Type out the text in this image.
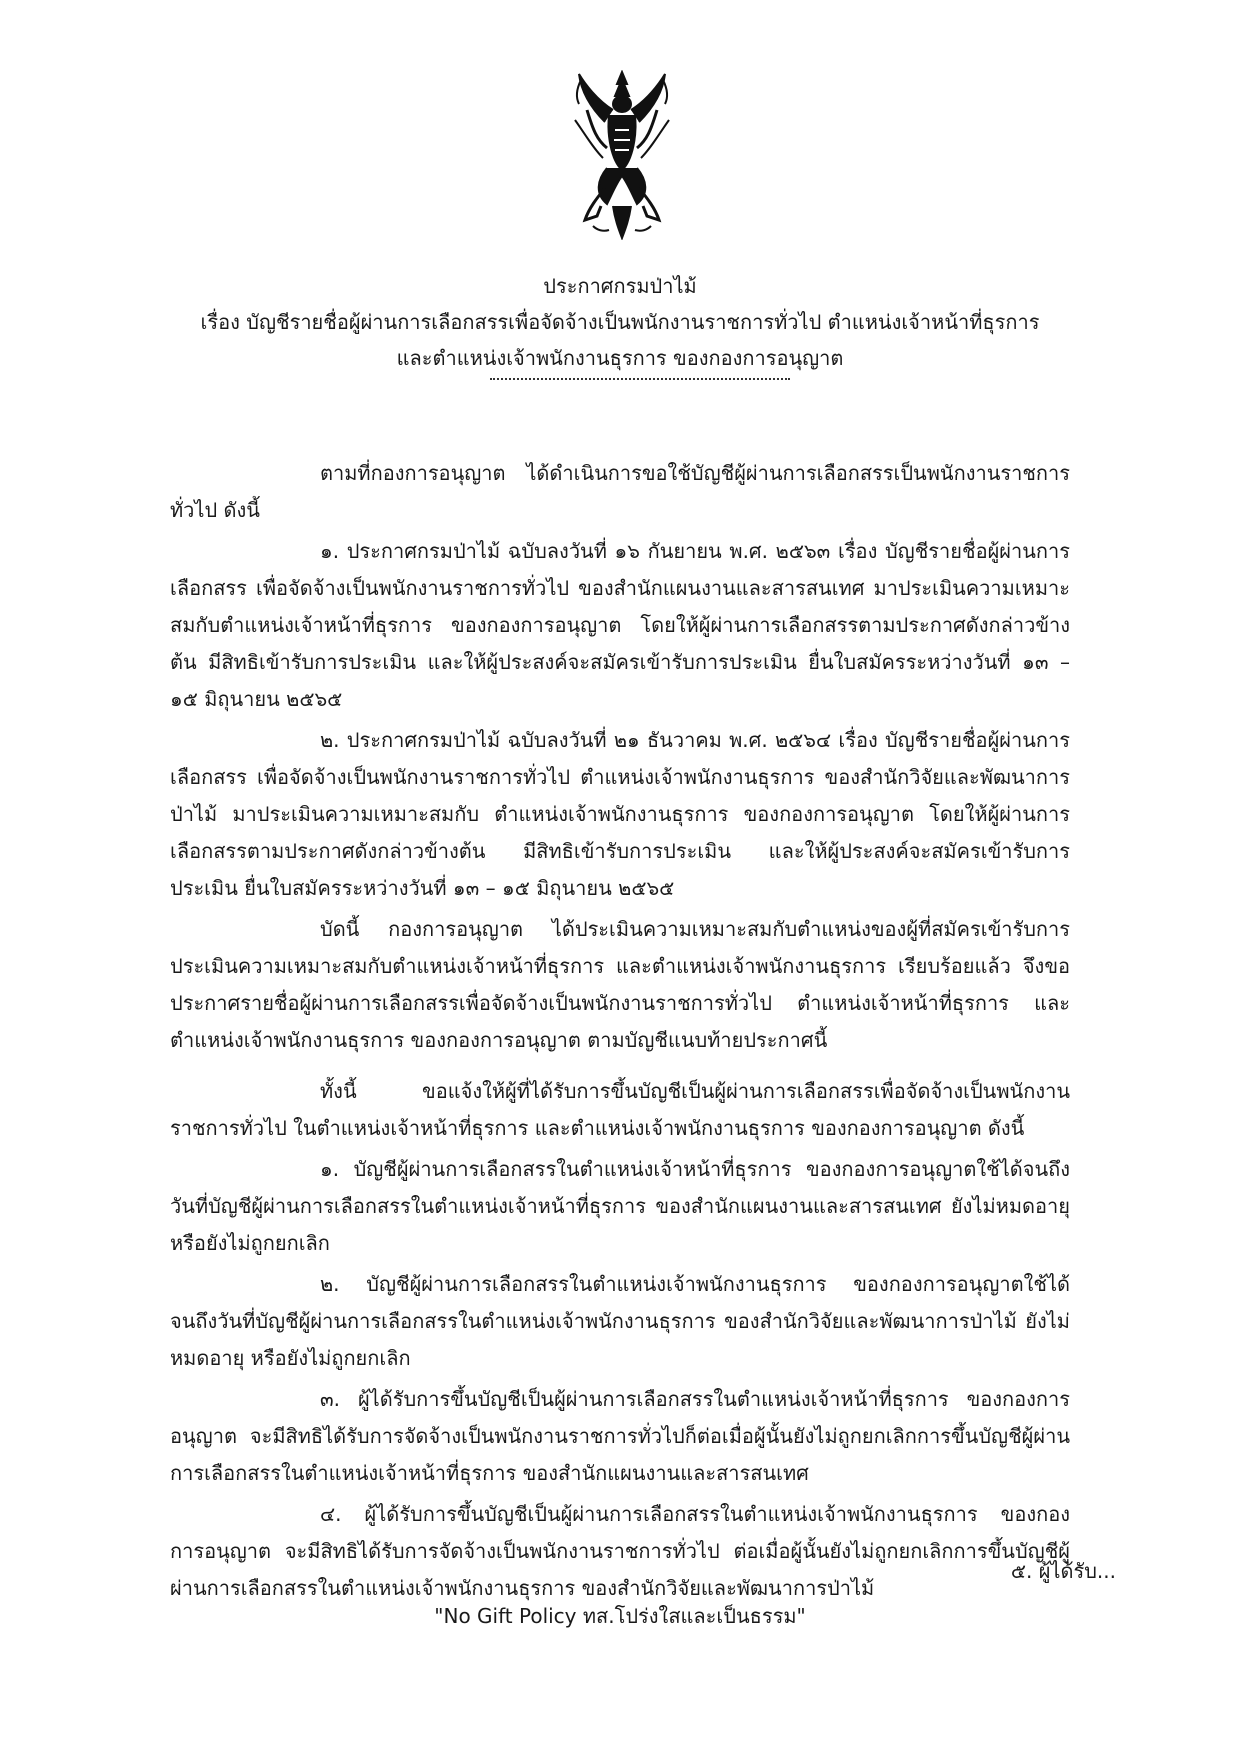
ประกาศกรมป่าไม้
เรื่อง บัญชีรายชื่อผู้ผ่านการเลือกสรรเพื่อจัดจ้างเป็นพนักงานราชการทั่วไป ตำแหน่งเจ้าหน้าที่ธุรการ
และตำแหน่งเจ้าพนักงานธุรการ ของกองการอนุญาต

ตามที่กองการอนุญาต ได้ดำเนินการขอใช้บัญชีผู้ผ่านการเลือกสรรเป็นพนักงานราชการทั่วไป ดังนี้

๑. ประกาศกรมป่าไม้ ฉบับลงวันที่ ๑๖ กันยายน พ.ศ. ๒๕๖๓ เรื่อง บัญชีรายชื่อผู้ผ่านการเลือกสรร เพื่อจัดจ้างเป็นพนักงานราชการทั่วไป ของสำนักแผนงานและสารสนเทศ มาประเมินความเหมาะสมกับตำแหน่งเจ้าหน้าที่ธุรการ ของกองการอนุญาต โดยให้ผู้ผ่านการเลือกสรรตามประกาศดังกล่าวข้างต้น มีสิทธิเข้ารับการประเมิน และให้ผู้ประสงค์จะสมัครเข้ารับการประเมิน ยื่นใบสมัครระหว่างวันที่ ๑๓ – ๑๕ มิถุนายน ๒๕๖๕

๒. ประกาศกรมป่าไม้ ฉบับลงวันที่ ๒๑ ธันวาคม พ.ศ. ๒๕๖๔ เรื่อง บัญชีรายชื่อผู้ผ่านการเลือกสรร เพื่อจัดจ้างเป็นพนักงานราชการทั่วไป ตำแหน่งเจ้าพนักงานธุรการ ของสำนักวิจัยและพัฒนาการป่าไม้ มาประเมินความเหมาะสมกับ ตำแหน่งเจ้าพนักงานธุรการ ของกองการอนุญาต โดยให้ผู้ผ่านการเลือกสรรตามประกาศดังกล่าวข้างต้น มีสิทธิเข้ารับการประเมิน และให้ผู้ประสงค์จะสมัครเข้ารับการประเมิน ยื่นใบสมัครระหว่างวันที่ ๑๓ – ๑๕ มิถุนายน ๒๕๖๕

บัดนี้ กองการอนุญาต ได้ประเมินความเหมาะสมกับตำแหน่งของผู้ที่สมัครเข้ารับการประเมินความเหมาะสมกับตำแหน่งเจ้าหน้าที่ธุรการ และตำแหน่งเจ้าพนักงานธุรการ เรียบร้อยแล้ว จึงขอประกาศรายชื่อผู้ผ่านการเลือกสรรเพื่อจัดจ้างเป็นพนักงานราชการทั่วไป ตำแหน่งเจ้าหน้าที่ธุรการ และตำแหน่งเจ้าพนักงานธุรการ ของกองการอนุญาต ตามบัญชีแนบท้ายประกาศนี้

ทั้งนี้ ขอแจ้งให้ผู้ที่ได้รับการขึ้นบัญชีเป็นผู้ผ่านการเลือกสรรเพื่อจัดจ้างเป็นพนักงานราชการทั่วไป ในตำแหน่งเจ้าหน้าที่ธุรการ และตำแหน่งเจ้าพนักงานธุรการ ของกองการอนุญาต ดังนี้

๑. บัญชีผู้ผ่านการเลือกสรรในตำแหน่งเจ้าหน้าที่ธุรการ ของกองการอนุญาตใช้ได้จนถึงวันที่บัญชีผู้ผ่านการเลือกสรรในตำแหน่งเจ้าหน้าที่ธุรการ ของสำนักแผนงานและสารสนเทศ ยังไม่หมดอายุ หรือยังไม่ถูกยกเลิก

๒. บัญชีผู้ผ่านการเลือกสรรในตำแหน่งเจ้าพนักงานธุรการ ของกองการอนุญาตใช้ได้จนถึงวันที่บัญชีผู้ผ่านการเลือกสรรในตำแหน่งเจ้าพนักงานธุรการ ของสำนักวิจัยและพัฒนาการป่าไม้ ยังไม่หมดอายุ หรือยังไม่ถูกยกเลิก

๓. ผู้ได้รับการขึ้นบัญชีเป็นผู้ผ่านการเลือกสรรในตำแหน่งเจ้าหน้าที่ธุรการ ของกองการอนุญาต จะมีสิทธิได้รับการจัดจ้างเป็นพนักงานราชการทั่วไปก็ต่อเมื่อผู้นั้นยังไม่ถูกยกเลิกการขึ้นบัญชีผู้ผ่านการเลือกสรรในตำแหน่งเจ้าหน้าที่ธุรการ ของสำนักแผนงานและสารสนเทศ

๔. ผู้ได้รับการขึ้นบัญชีเป็นผู้ผ่านการเลือกสรรในตำแหน่งเจ้าพนักงานธุรการ ของกองการอนุญาต จะมีสิทธิได้รับการจัดจ้างเป็นพนักงานราชการทั่วไป ต่อเมื่อผู้นั้นยังไม่ถูกยกเลิกการขึ้นบัญชีผู้ผ่านการเลือกสรรในตำแหน่งเจ้าพนักงานธุรการ ของสำนักวิจัยและพัฒนาการป่าไม้

๕. ผู้ได้รับ...
"No Gift Policy ทส.โปร่งใสและเป็นธรรม"
